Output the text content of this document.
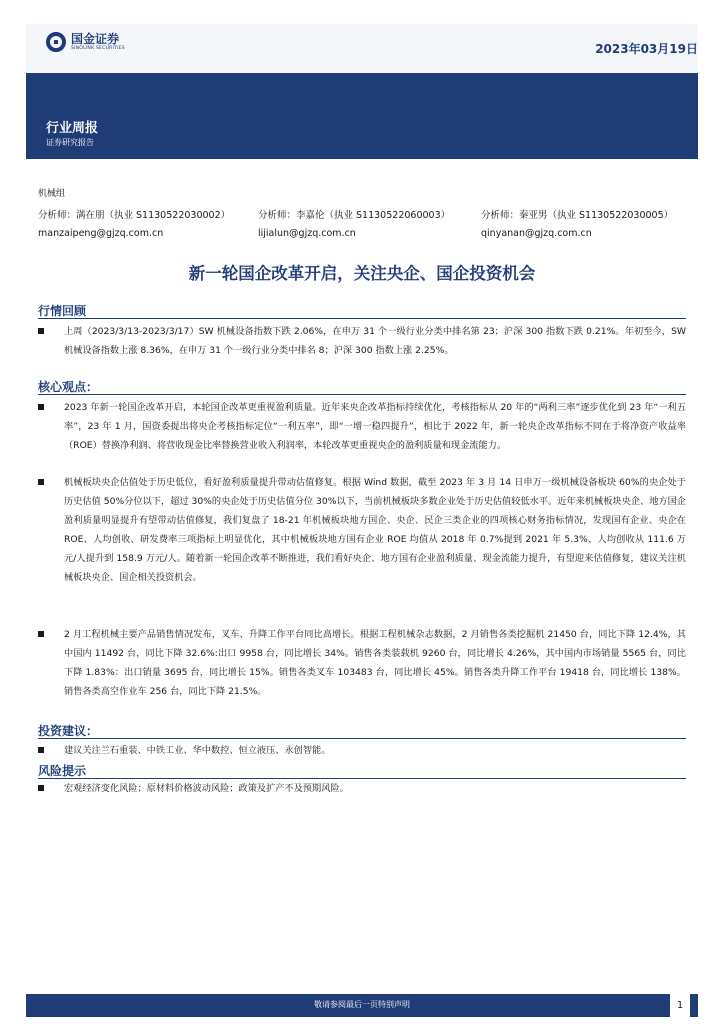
国金证券
SINOLINK SECURITIES	2023年03月19日
机械行业研究	买入（维持评级）
行业周报
证券研究报告
机械组
分析师：满在朋（执业 S1130522030002）	分析师：李嘉伦（执业 S1130522060003）	分析师：秦亚男（执业 S1130522030005）
manzaipeng@gjzq.com.cn	lijialun@gjzq.com.cn	qinyanan@gjzq.com.cn
新一轮国企改革开启，关注央企、国企投资机会
行情回顾
上周（2023/3/13-2023/3/17）SW 机械设备指数下跌 2.06%，在申万 31 个一级行业分类中排名第 23；沪深 300 指数下跌 0.21%。年初至今，SW 机械设备指数上涨 8.36%，在申万 31 个一级行业分类中排名 8；沪深 300 指数上涨 2.25%。
核心观点：
2023 年新一轮国企改革开启，本轮国企改革更重视盈利质量。近年来央企改革指标持续优化，考核指标从 20 年的“两利三率”逐步优化到 23 年“一利五率”，23 年 1 月，国资委提出将央企考核指标定位“一利五率”，即“一增一稳四提升”，相比于 2022 年，新一轮央企改革指标不同在于将净资产收益率（ROE）替换净利润、将营收现金比率替换营业收入利润率，本轮改革更重视央企的盈利质量和现金流能力。
机械板块央企估值处于历史低位，看好盈利质量提升带动估值修复。根据 Wind 数据，截至 2023 年 3 月 14 日申万一级机械设备板块 60%的央企处于历史估值 50%分位以下，超过 30%的央企处于历史估值分位 30%以下，当前机械板块多数企业处于历史估值较低水平。近年来机械板块央企、地方国企盈利质量明显提升有望带动估值修复，我们复盘了 18-21 年机械板块地方国企、央企、民企三类企业的四项核心财务指标情况，发现国有企业、央企在 ROE、人均创收、研发费率三项指标上明显优化，其中机械板块地方国有企业 ROE 均值从 2018 年 0.7%提到 2021 年 5.3%、人均创收从 111.6 万元/人提升到 158.9 万元/人。随着新一轮国企改革不断推进，我们看好央企、地方国有企业盈利质量、现金流能力提升，有望迎来估值修复，建议关注机械板块央企、国企相关投资机会。
2 月工程机械主要产品销售情况发布，叉车、升降工作平台同比高增长。根据工程机械杂志数据，2 月销售各类挖掘机 21450 台，同比下降 12.4%，其中国内 11492 台，同比下降 32.6%:出口 9958 台，同比增长 34%。销售各类装载机 9260 台，同比增长 4.26%，其中国内市场销量 5565 台，同比下降 1.83%：出口销量 3695 台，同比增长 15%。销售各类叉车 103483 台，同比增长 45%。销售各类升降工作平台 19418 台，同比增长 138%。销售各类高空作业车 256 台，同比下降 21.5%。
投资建议：
建议关注兰石重装、中铁工业、华中数控、恒立液压、永创智能。
风险提示
宏观经济变化风险；原材料价格波动风险；政策及扩产不及预期风险。
敬请参阅最后一页特别声明	1
